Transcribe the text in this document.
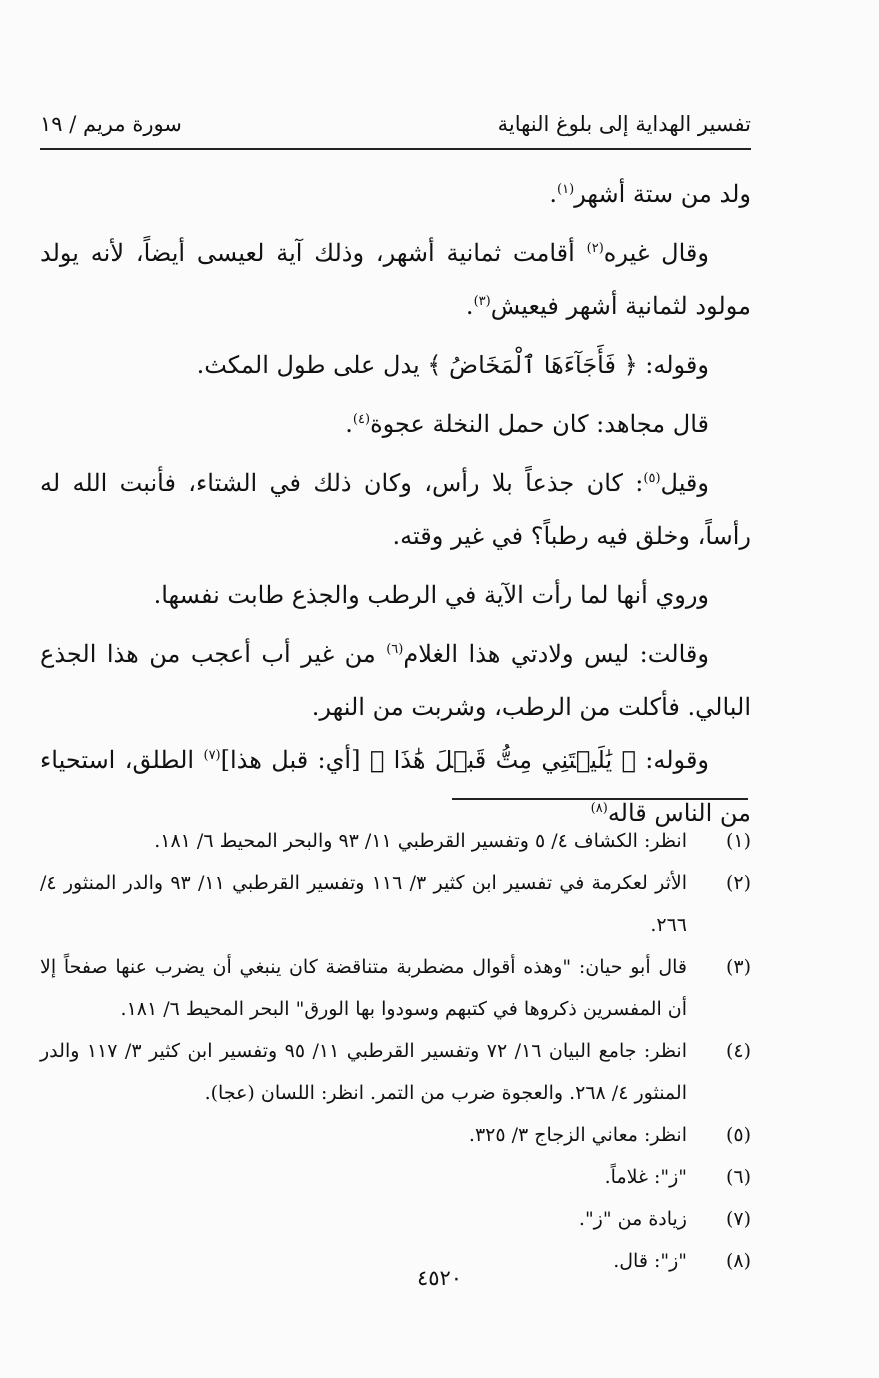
تفسير الهداية إلى بلوغ النهاية
سورة مريم / ١٩

ولد من ستة أشهر$^{(١)}$.

وقال غيره$^{(٢)}$ أقامت ثمانية أشهر، وذلك آية لعيسى أيضاً، لأنه يولد مولود لثمانية أشهر فيعيش$^{(٣)}$.

وقوله: ﴿ فَأَجَآءَهَا ٱلْمَخَاضُ ﴾ يدل على طول المكث.

قال مجاهد: كان حمل النخلة عجوة$^{(٤)}$.

وقيل$^{(٥)}$: كان جذعاً بلا رأس، وكان ذلك في الشتاء، فأنبت الله له رأساً، وخلق فيه رطباً؟ في غير وقته.

وروي أنها لما رأت الآية في الرطب والجذع طابت نفسها.

وقالت: ليس ولادتي هذا الغلام$^{(٦)}$ من غير أب أعجب من هذا الجذع البالي. فأكلت من الرطب، وشربت من النهر.

وقوله: ﴿ يَٰلَيۡتَنِي مِتُّ قَبۡلَ هَٰذَا ﴾ [أي: قبل هذا]$^{(٧)}$ الطلق، استحياء من الناس قاله$^{(٨)}$

(١)
انظر: الكشاف ٤/ ٥ وتفسير القرطبي ١١/ ٩٣ والبحر المحيط ٦/ ١٨١.
(٢)
الأثر لعكرمة في تفسير ابن كثير ٣/ ١١٦ وتفسير القرطبي ١١/ ٩٣ والدر المنثور ٤/ ٢٦٦.
(٣)
قال أبو حيان: "وهذه أقوال مضطربة متناقضة كان ينبغي أن يضرب عنها صفحاً إلا أن المفسرين ذكروها في كتبهم وسودوا بها الورق" البحر المحيط ٦/ ١٨١.
(٤)
انظر: جامع البيان ١٦/ ٧٢ وتفسير القرطبي ١١/ ٩٥ وتفسير ابن كثير ٣/ ١١٧ والدر المنثور ٤/ ٢٦٨. والعجوة ضرب من التمر. انظر: اللسان (عجا).
(٥)
انظر: معاني الزجاج ٣/ ٣٢٥.
(٦)
"ز": غلاماً.
(٧)
زيادة من "ز".
(٨)
"ز": قال.
٤٥٢٠
